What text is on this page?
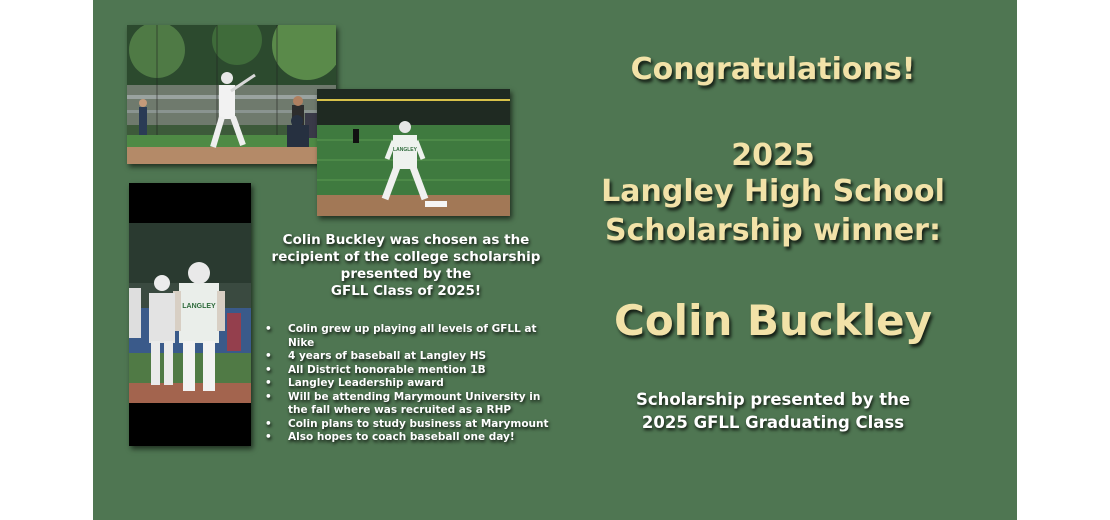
LANGLEY
LANGLEY
Colin Buckley was chosen as the
recipient of the college scholarship
presented by the
GFLL Class of 2025!
• Colin grew up playing all levels of GFLL at Nike
• 4 years of baseball at Langley HS
• All District honorable mention 1B
• Langley Leadership award
• Will be attending Marymount University in the fall where was recruited as a RHP
• Colin plans to study business at Marymount
• Also hopes to coach baseball one day!
Congratulations!
2025
Langley High School
Scholarship winner:
Colin Buckley
Scholarship presented by the
2025 GFLL Graduating Class
